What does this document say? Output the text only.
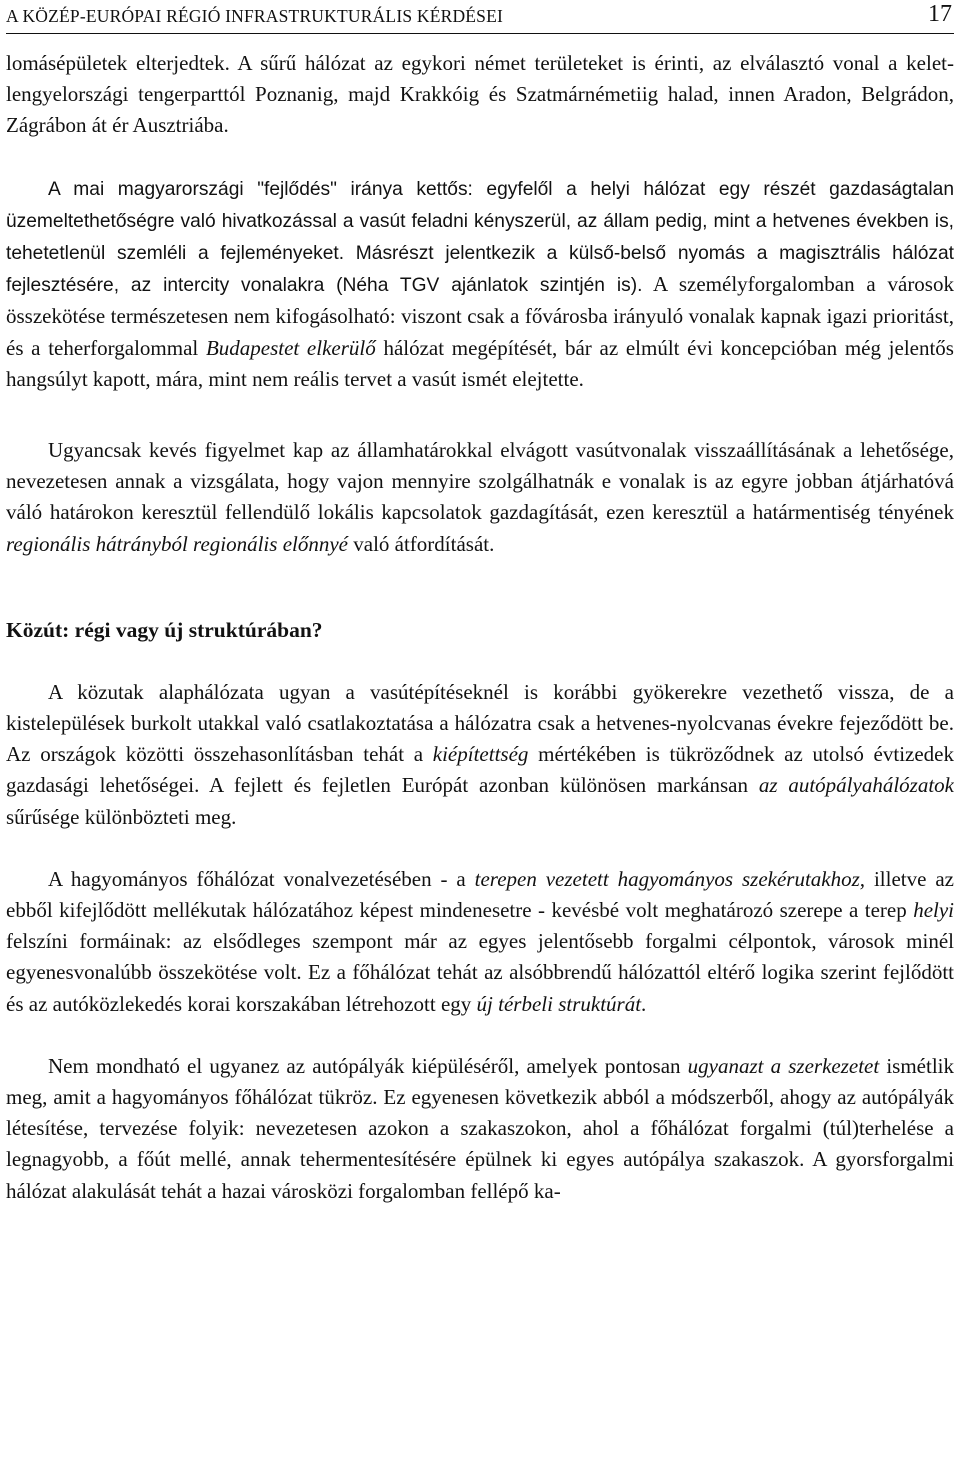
A KÖZÉP-EURÓPAI RÉGIÓ INFRASTRUKTURÁLIS KÉRDÉSEI	17

lomásépületek elterjedtek. A sűrű hálózat az egykori német területeket is érinti, az elválasztó vonal a kelet-lengyelországi tengerparttól Poznanig, majd Krakkóig és Szatmárnémetiig halad, innen Aradon, Belgrádon, Zágrábon át ér Ausztriába.

A mai magyarországi "fejlődés" iránya kettős: egyfelől a helyi hálózat egy részét gazdaságtalan üzemeltethetőségre való hivatkozással a vasút feladni kényszerül, az állam pedig, mint a hetvenes években is, tehetetlenül szemléli a fejleményeket. Másrészt jelentkezik a külső-belső nyomás a magisztrális hálózat fejlesztésére, az intercity vonalakra (Néha TGV ajánlatok szintjén is). A személyforgalomban a városok összekötése természetesen nem kifogásolható: viszont csak a fővárosba irányuló vonalak kapnak igazi prioritást, és a teherforgalommal Budapestet elkerülő hálózat megépítését, bár az elmúlt évi koncepcióban még jelentős hangsúlyt kapott, mára, mint nem reális tervet a vasút ismét elejtette.

Ugyancsak kevés figyelmet kap az államhatárokkal elvágott vasútvonalak visszaállításának a lehetősége, nevezetesen annak a vizsgálata, hogy vajon mennyire szolgálhatnák e vonalak is az egyre jobban átjárhatóvá váló határokon keresztül fellendülő lokális kapcsolatok gazdagítását, ezen keresztül a határmentiség tényének regionális hátrányból regionális előnnyé való átfordítását.

Közút: régi vagy új struktúrában?

A közutak alaphálózata ugyan a vasútépítéseknél is korábbi gyökerekre vezethető vissza, de a kistelepülések burkolt utakkal való csatlakoztatása a hálózatra csak a hetvenes-nyolcvanas évekre fejeződött be. Az országok közötti összehasonlításban tehát a kiépítettség mértékében is tükröződnek az utolsó évtizedek gazdasági lehetőségei. A fejlett és fejletlen Európát azonban különösen markánsan az autópályahálózatok sűrűsége különbözteti meg.

A hagyományos főhálózat vonalvezetésében - a terepen vezetett hagyományos szekérutakhoz, illetve az ebből kifejlődött mellékutak hálózatához képest mindenesetre - kevésbé volt meghatározó szerepe a terep helyi felszíni formáinak: az elsődleges szempont már az egyes jelentősebb forgalmi célpontok, városok minél egyenesvonalúbb összekötése volt. Ez a főhálózat tehát az alsóbbrendű hálózattól eltérő logika szerint fejlődött és az autóközlekedés korai korszakában létrehozott egy új térbeli struktúrát.

Nem mondható el ugyanez az autópályák kiépüléséről, amelyek pontosan ugyanazt a szerkezetet ismétlik meg, amit a hagyományos főhálózat tükröz. Ez egyenesen következik abból a módszerből, ahogy az autópályák létesítése, tervezése folyik: nevezetesen azokon a szakaszokon, ahol a főhálózat forgalmi (túl)terhelése a legnagyobb, a főút mellé, annak tehermentesítésére épülnek ki egyes autópálya szakaszok. A gyorsforgalmi hálózat alakulását tehát a hazai városközi forgalomban fellépő ka-
